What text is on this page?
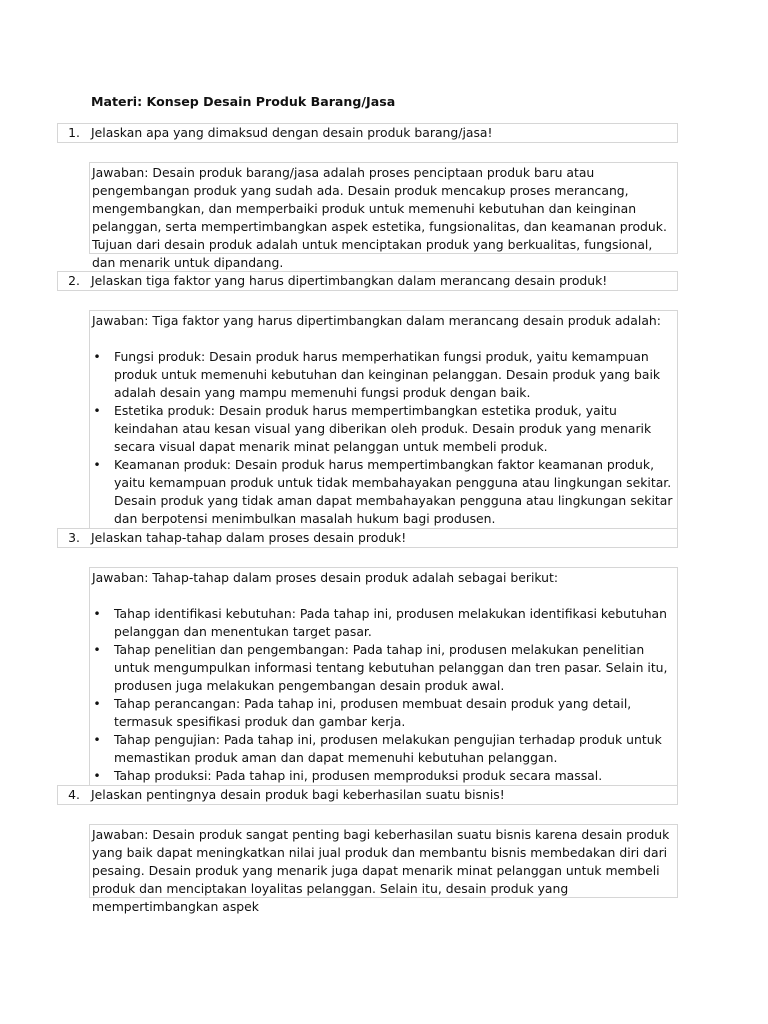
Materi: Konsep Desain Produk Barang/Jasa
1. Jelaskan apa yang dimaksud dengan desain produk barang/jasa!

Jawaban: Desain produk barang/jasa adalah proses penciptaan produk baru atau pengembangan produk yang sudah ada. Desain produk mencakup proses merancang, mengembangkan, dan memperbaiki produk untuk memenuhi kebutuhan dan keinginan pelanggan, serta mempertimbangkan aspek estetika, fungsionalitas, dan keamanan produk. Tujuan dari desain produk adalah untuk menciptakan produk yang berkualitas, fungsional, dan menarik untuk dipandang.

2. Jelaskan tiga faktor yang harus dipertimbangkan dalam merancang desain produk!

Jawaban: Tiga faktor yang harus dipertimbangkan dalam merancang desain produk adalah:

• Fungsi produk: Desain produk harus memperhatikan fungsi produk, yaitu kemampuan produk untuk memenuhi kebutuhan dan keinginan pelanggan. Desain produk yang baik adalah desain yang mampu memenuhi fungsi produk dengan baik.
• Estetika produk: Desain produk harus mempertimbangkan estetika produk, yaitu keindahan atau kesan visual yang diberikan oleh produk. Desain produk yang menarik secara visual dapat menarik minat pelanggan untuk membeli produk.
• Keamanan produk: Desain produk harus mempertimbangkan faktor keamanan produk, yaitu kemampuan produk untuk tidak membahayakan pengguna atau lingkungan sekitar. Desain produk yang tidak aman dapat membahayakan pengguna atau lingkungan sekitar dan berpotensi menimbulkan masalah hukum bagi produsen.
3. Jelaskan tahap-tahap dalam proses desain produk!

Jawaban: Tahap-tahap dalam proses desain produk adalah sebagai berikut:

• Tahap identifikasi kebutuhan: Pada tahap ini, produsen melakukan identifikasi kebutuhan pelanggan dan menentukan target pasar.
• Tahap penelitian dan pengembangan: Pada tahap ini, produsen melakukan penelitian untuk mengumpulkan informasi tentang kebutuhan pelanggan dan tren pasar. Selain itu, produsen juga melakukan pengembangan desain produk awal.
• Tahap perancangan: Pada tahap ini, produsen membuat desain produk yang detail, termasuk spesifikasi produk dan gambar kerja.
• Tahap pengujian: Pada tahap ini, produsen melakukan pengujian terhadap produk untuk memastikan produk aman dan dapat memenuhi kebutuhan pelanggan.
• Tahap produksi: Pada tahap ini, produsen memproduksi produk secara massal.
4. Jelaskan pentingnya desain produk bagi keberhasilan suatu bisnis!

Jawaban: Desain produk sangat penting bagi keberhasilan suatu bisnis karena desain produk yang baik dapat meningkatkan nilai jual produk dan membantu bisnis membedakan diri dari pesaing. Desain produk yang menarik juga dapat menarik minat pelanggan untuk membeli produk dan menciptakan loyalitas pelanggan. Selain itu, desain produk yang mempertimbangkan aspek
